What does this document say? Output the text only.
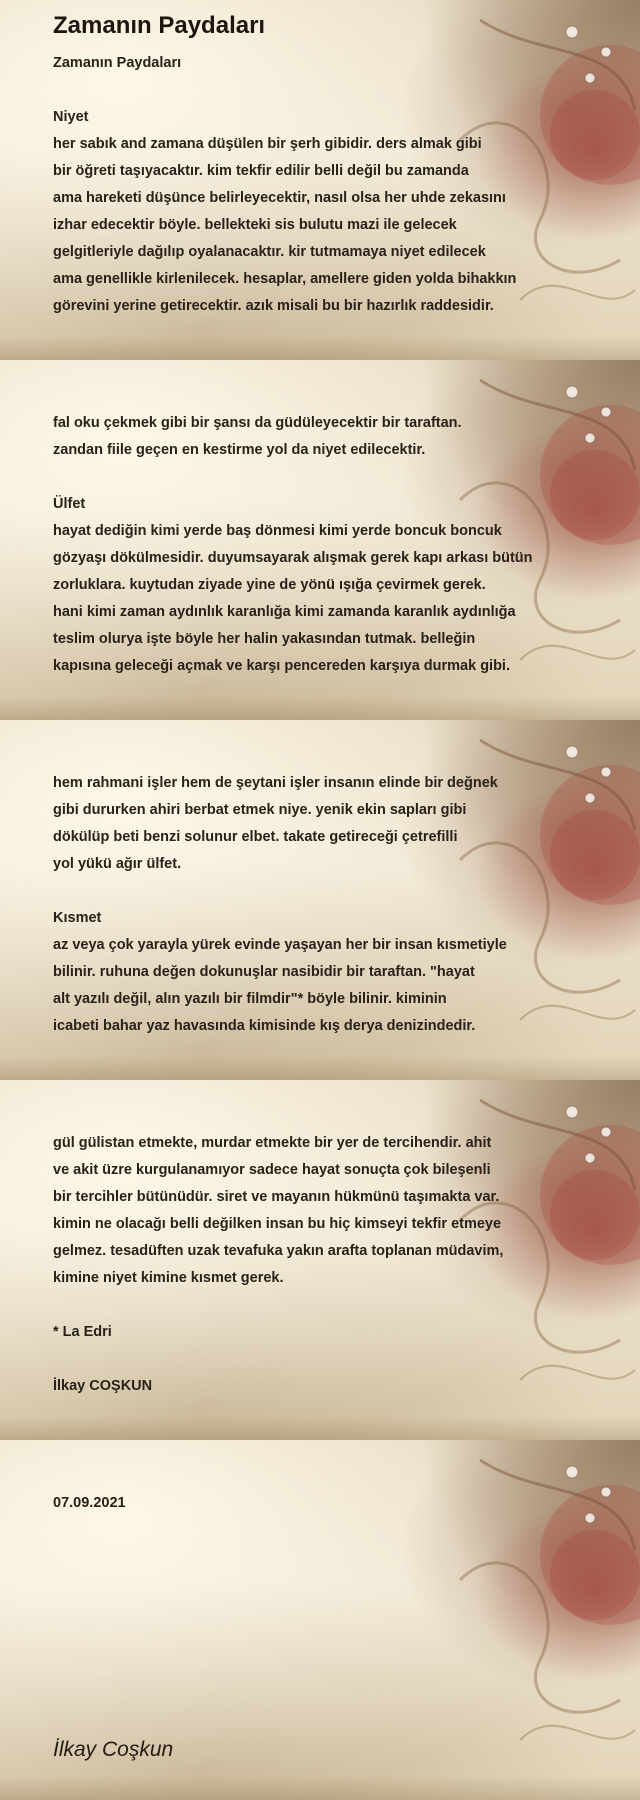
Zamanın Paydaları
Zamanın Paydaları

Niyet
her sabık and zamana düşülen bir şerh gibidir. ders almak gibi
bir öğreti taşıyacaktır. kim tekfir edilir belli değil bu zamanda
ama hareketi düşünce belirleyecektir, nasıl olsa her uhde zekasını
izhar edecektir böyle. bellekteki sis bulutu mazi ile gelecek
gelgitleriyle dağılıp oyalanacaktır. kir tutmamaya niyet edilecek
ama genellikle kirlenilecek. hesaplar, amellere giden yolda bihakkın
görevini yerine getirecektir. azık misali bu bir hazırlık raddesidir.
fal oku çekmek gibi bir şansı da güdüleyecektir bir taraftan.
zandan fiile geçen en kestirme yol da niyet edilecektir.

Ülfet
hayat dediğin kimi yerde baş dönmesi kimi yerde boncuk boncuk
gözyaşı dökülmesidir. duyumsayarak alışmak gerek kapı arkası bütün
zorluklara. kuytudan ziyade yine de yönü ışığa çevirmek gerek.
hani kimi zaman aydınlık karanlığa kimi zamanda karanlık aydınlığa
teslim olurya işte böyle her halin yakasından tutmak. belleğin
kapısına geleceği açmak ve karşı pencereden karşıya durmak gibi.
hem rahmani işler hem de şeytani işler insanın elinde bir değnek
gibi dururken ahiri berbat etmek niye. yenik ekin sapları gibi
dökülüp beti benzi solunur elbet. takate getireceği çetrefilli
yol yükü ağır ülfet.

Kısmet
az veya çok yarayla yürek evinde yaşayan her bir insan kısmetiyle
bilinir. ruhuna değen dokunuşlar nasibidir bir taraftan. "hayat
alt yazılı değil, alın yazılı bir filmdir"* böyle bilinir. kiminin
icabeti bahar yaz havasında kimisinde kış derya denizindedir.
gül gülistan etmekte, murdar etmekte bir yer de tercihendir. ahit
ve akit üzre kurgulanamıyor sadece hayat sonuçta çok bileşenli
bir tercihler bütünüdür. siret ve mayanın hükmünü taşımakta var.
kimin ne olacağı belli değilken insan bu hiç kimseyi tekfir etmeye
gelmez. tesadüften uzak tevafuka yakın arafta toplanan müdavim,
kimine niyet kimine kısmet gerek.

* La Edri

İlkay COŞKUN
07.09.2021
İlkay Coşkun
